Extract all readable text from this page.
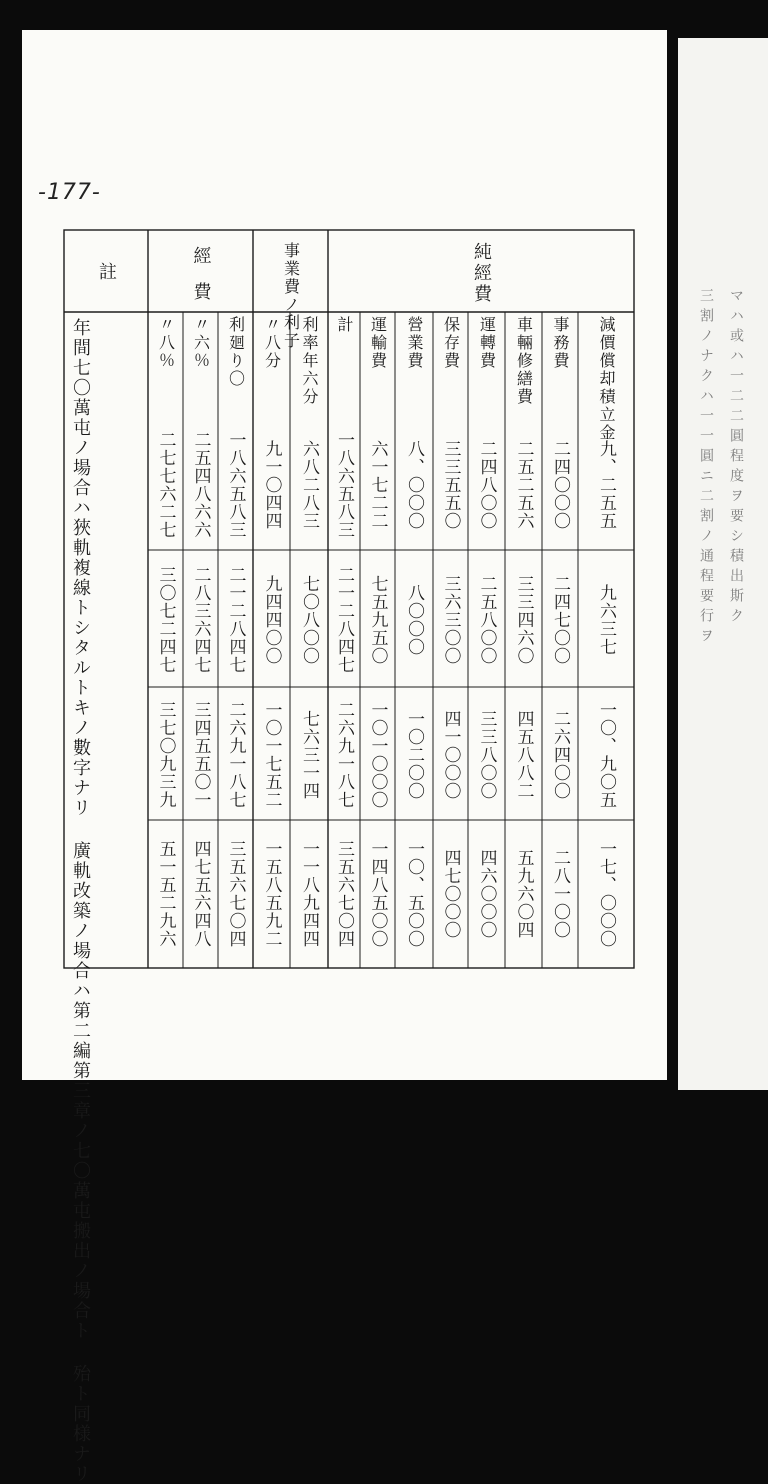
-177-
マハ或ハ一二二圓程度ヲ要シ積出斯ク
三割ノナクハ一一圓ニ二割ノ通程要行ヲ
純經費
事業費ノ利子
經費
註
年間七〇萬屯ノ場合ハ狹軌複線トシタルトキノ數字ナリ 廣軌改築ノ場合ハ第二編第三章ノ七〇萬屯搬出ノ場合ト 殆ト同様ナリ
減價償却積立金
九、二五五
九六三七
一〇、九〇五
一七、〇〇〇
事務費
二四〇〇〇
二四七〇〇
二六四〇〇
二八一〇〇
車輛修繕費
二五二五六
三三四六〇
四五八八二
五九六〇四
運轉費
二四八〇〇
二五八〇〇
三三八〇〇
四六〇〇〇
保存費
三三五五〇
三六三〇〇
四一〇〇〇
四七〇〇〇
營業費
八、〇〇〇
八〇〇〇
一〇二〇〇
一〇、五〇〇
運輸費
六一七二二
七五九五〇
一〇一〇〇〇
一四八五〇〇
計
一八六五八三
二一二八四七
二六九一八七
三五六七〇四
利率年六分
六八二八三
七〇八〇〇
七六三一四
一一八九四四
〃八分
九一〇四四
九四四〇〇
一〇一七五二
一五八五九二
利廻り〇
一八六五八三
二一二八四七
二六九一八七
三五六七〇四
〃六％
二五四八六六
二八三六四七
三四五五〇一
四七五六四八
〃八％
二七七六二七
三〇七二四七
三七〇九三九
五一五二九六
